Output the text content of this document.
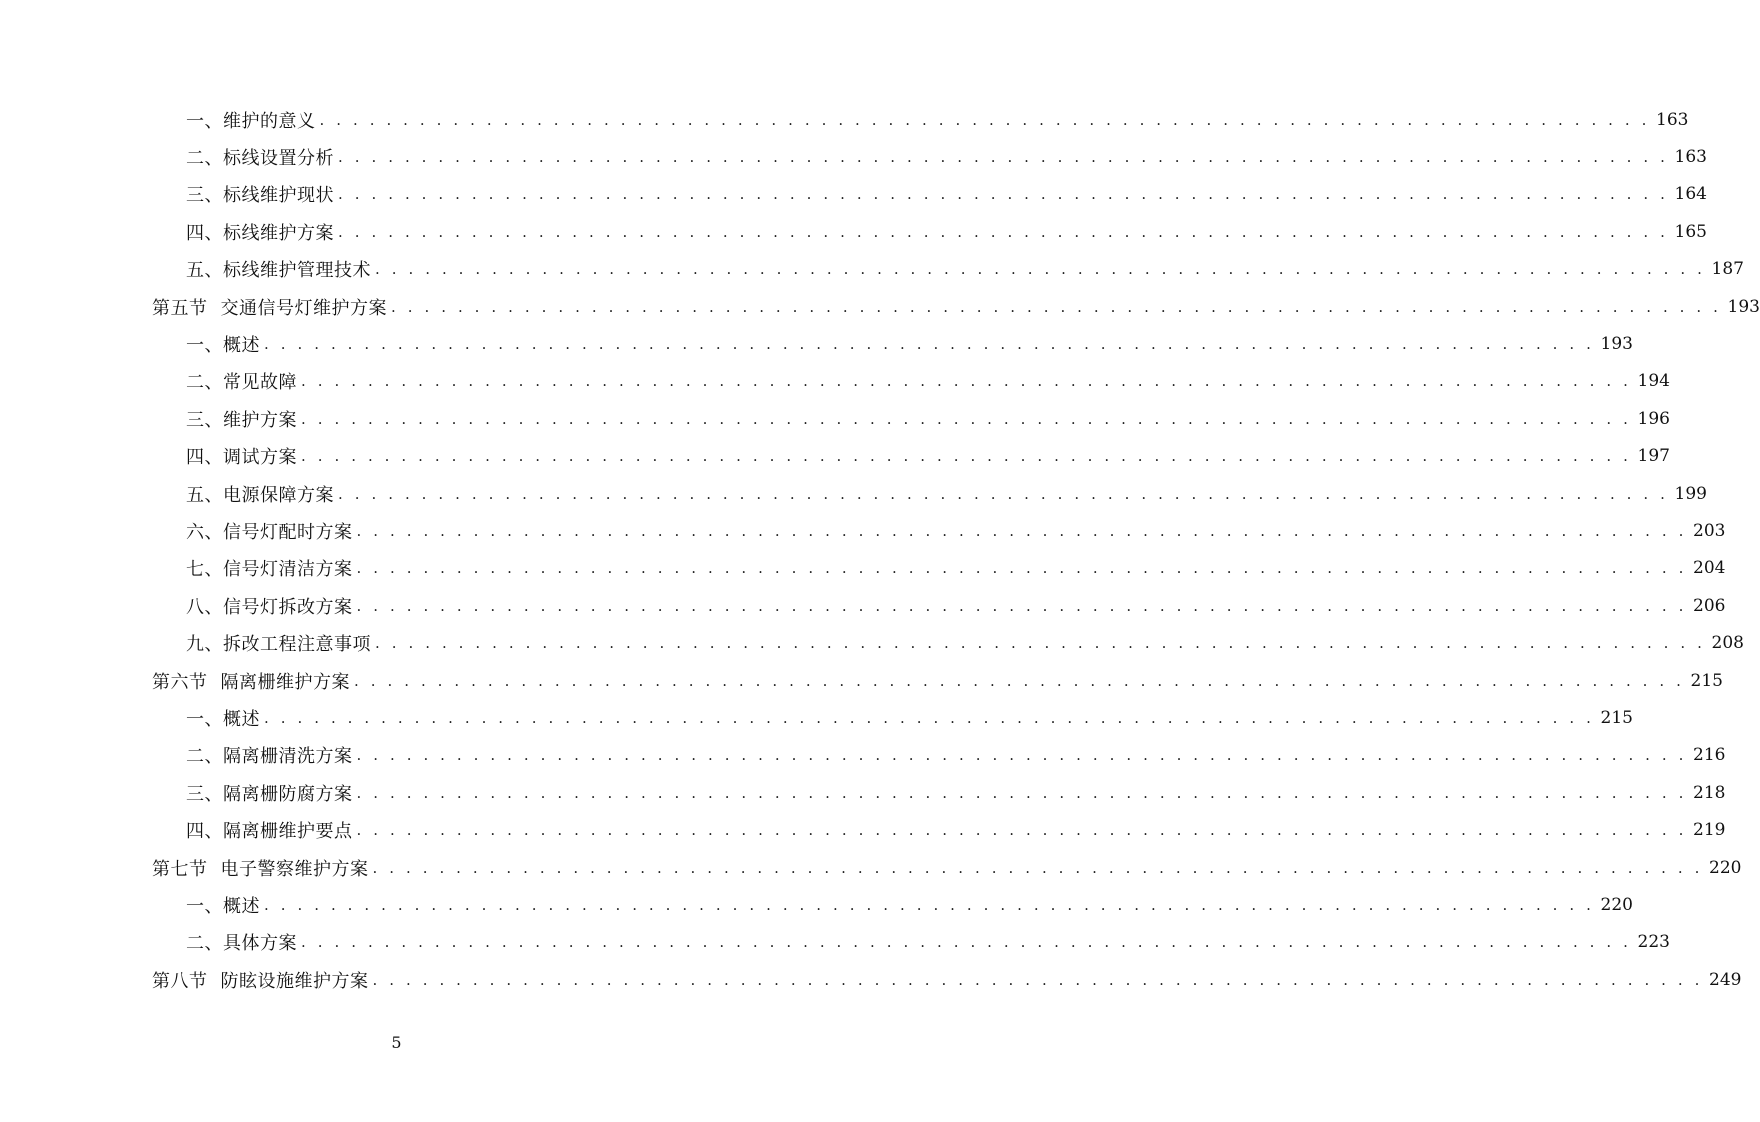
一、维护的意义 . . . . . . . . . . . . . . . . . . . . . . . . . . . . . . . . . . . . . . . . . . . . . . . . . . . . . . . . . . . . . . . . . . . . . . . . . . . . . . . . 163
二、标线设置分析 . . . . . . . . . . . . . . . . . . . . . . . . . . . . . . . . . . . . . . . . . . . . . . . . . . . . . . . . . . . . . . . . . . . . . . . . . . . . . . . . 163
三、标线维护现状 . . . . . . . . . . . . . . . . . . . . . . . . . . . . . . . . . . . . . . . . . . . . . . . . . . . . . . . . . . . . . . . . . . . . . . . . . . . . . . . . 164
四、标线维护方案 . . . . . . . . . . . . . . . . . . . . . . . . . . . . . . . . . . . . . . . . . . . . . . . . . . . . . . . . . . . . . . . . . . . . . . . . . . . . . . . . 165
五、标线维护管理技术 . . . . . . . . . . . . . . . . . . . . . . . . . . . . . . . . . . . . . . . . . . . . . . . . . . . . . . . . . . . . . . . . . . . . . . . . . . . . . . . . 187
第五节 交通信号灯维护方案 . . . . . . . . . . . . . . . . . . . . . . . . . . . . . . . . . . . . . . . . . . . . . . . . . . . . . . . . . . . . . . . . . . . . . . . . . . . . . . . . 193
一、概述 . . . . . . . . . . . . . . . . . . . . . . . . . . . . . . . . . . . . . . . . . . . . . . . . . . . . . . . . . . . . . . . . . . . . . . . . . . . . . . . . 193
二、常见故障 . . . . . . . . . . . . . . . . . . . . . . . . . . . . . . . . . . . . . . . . . . . . . . . . . . . . . . . . . . . . . . . . . . . . . . . . . . . . . . . . 194
三、维护方案 . . . . . . . . . . . . . . . . . . . . . . . . . . . . . . . . . . . . . . . . . . . . . . . . . . . . . . . . . . . . . . . . . . . . . . . . . . . . . . . . 196
四、调试方案 . . . . . . . . . . . . . . . . . . . . . . . . . . . . . . . . . . . . . . . . . . . . . . . . . . . . . . . . . . . . . . . . . . . . . . . . . . . . . . . . 197
五、电源保障方案 . . . . . . . . . . . . . . . . . . . . . . . . . . . . . . . . . . . . . . . . . . . . . . . . . . . . . . . . . . . . . . . . . . . . . . . . . . . . . . . . 199
六、信号灯配时方案 . . . . . . . . . . . . . . . . . . . . . . . . . . . . . . . . . . . . . . . . . . . . . . . . . . . . . . . . . . . . . . . . . . . . . . . . . . . . . . . . 203
七、信号灯清洁方案 . . . . . . . . . . . . . . . . . . . . . . . . . . . . . . . . . . . . . . . . . . . . . . . . . . . . . . . . . . . . . . . . . . . . . . . . . . . . . . . . 204
八、信号灯拆改方案 . . . . . . . . . . . . . . . . . . . . . . . . . . . . . . . . . . . . . . . . . . . . . . . . . . . . . . . . . . . . . . . . . . . . . . . . . . . . . . . . 206
九、拆改工程注意事项 . . . . . . . . . . . . . . . . . . . . . . . . . . . . . . . . . . . . . . . . . . . . . . . . . . . . . . . . . . . . . . . . . . . . . . . . . . . . . . . . 208
第六节 隔离栅维护方案 . . . . . . . . . . . . . . . . . . . . . . . . . . . . . . . . . . . . . . . . . . . . . . . . . . . . . . . . . . . . . . . . . . . . . . . . . . . . . . . . 215
一、概述 . . . . . . . . . . . . . . . . . . . . . . . . . . . . . . . . . . . . . . . . . . . . . . . . . . . . . . . . . . . . . . . . . . . . . . . . . . . . . . . . 215
二、隔离栅清洗方案 . . . . . . . . . . . . . . . . . . . . . . . . . . . . . . . . . . . . . . . . . . . . . . . . . . . . . . . . . . . . . . . . . . . . . . . . . . . . . . . . 216
三、隔离栅防腐方案 . . . . . . . . . . . . . . . . . . . . . . . . . . . . . . . . . . . . . . . . . . . . . . . . . . . . . . . . . . . . . . . . . . . . . . . . . . . . . . . . 218
四、隔离栅维护要点 . . . . . . . . . . . . . . . . . . . . . . . . . . . . . . . . . . . . . . . . . . . . . . . . . . . . . . . . . . . . . . . . . . . . . . . . . . . . . . . . 219
第七节 电子警察维护方案 . . . . . . . . . . . . . . . . . . . . . . . . . . . . . . . . . . . . . . . . . . . . . . . . . . . . . . . . . . . . . . . . . . . . . . . . . . . . . . . . 220
一、概述 . . . . . . . . . . . . . . . . . . . . . . . . . . . . . . . . . . . . . . . . . . . . . . . . . . . . . . . . . . . . . . . . . . . . . . . . . . . . . . . . 220
二、具体方案 . . . . . . . . . . . . . . . . . . . . . . . . . . . . . . . . . . . . . . . . . . . . . . . . . . . . . . . . . . . . . . . . . . . . . . . . . . . . . . . . 223
第八节 防眩设施维护方案 . . . . . . . . . . . . . . . . . . . . . . . . . . . . . . . . . . . . . . . . . . . . . . . . . . . . . . . . . . . . . . . . . . . . . . . . . . . . . . . . 249
5
